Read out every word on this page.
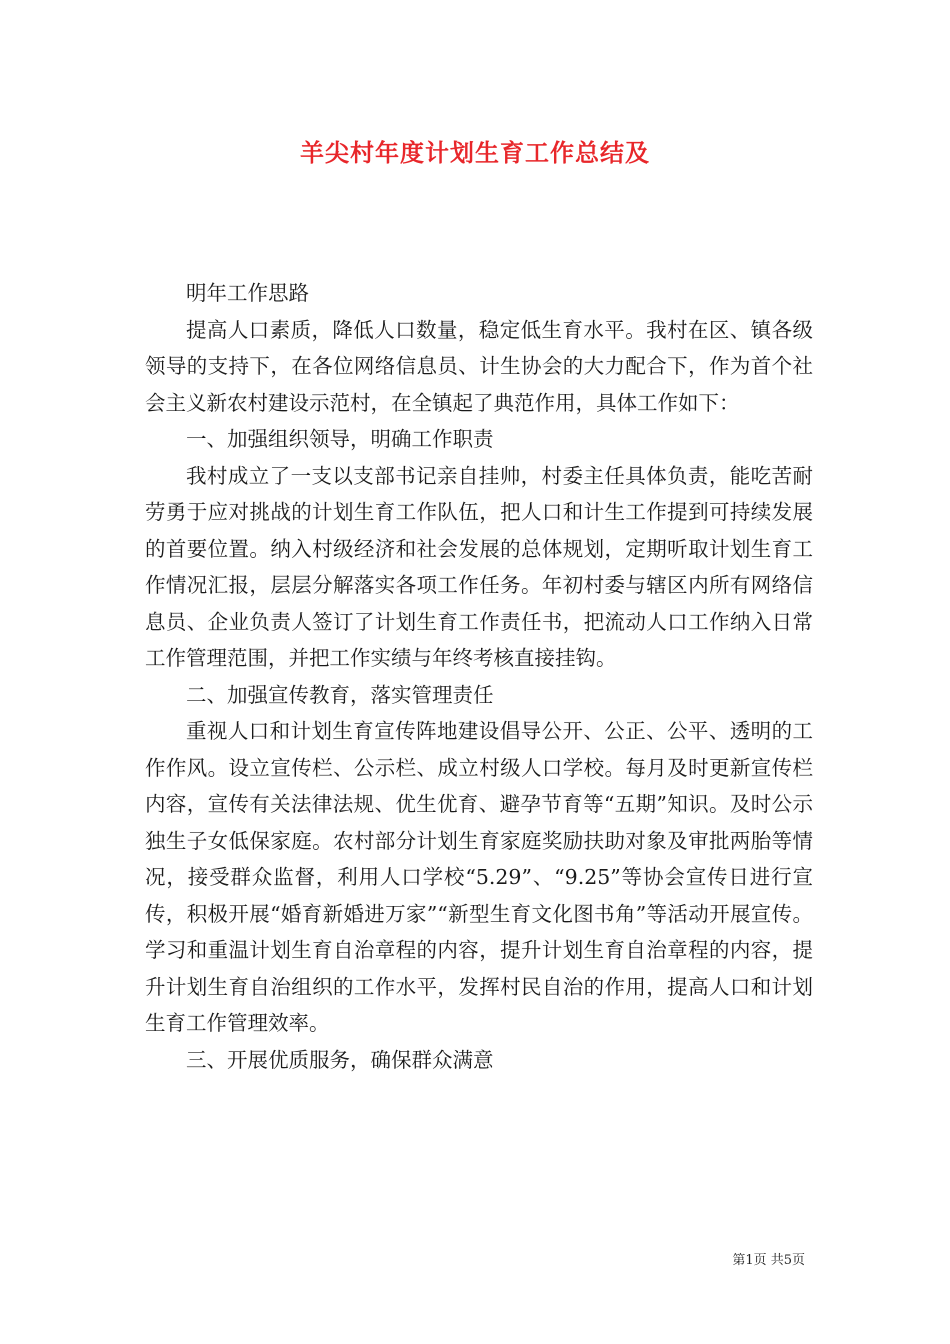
羊尖村年度计划生育工作总结及

明年工作思路

提高人口素质，降低人口数量，稳定低生育水平。我村在区、镇各级领导的支持下，在各位网络信息员、计生协会的大力配合下，作为首个社会主义新农村建设示范村，在全镇起了典范作用，具体工作如下：

一、加强组织领导，明确工作职责

我村成立了一支以支部书记亲自挂帅，村委主任具体负责，能吃苦耐劳勇于应对挑战的计划生育工作队伍，把人口和计生工作提到可持续发展的首要位置。纳入村级经济和社会发展的总体规划，定期听取计划生育工作情况汇报，层层分解落实各项工作任务。年初村委与辖区内所有网络信息员、企业负责人签订了计划生育工作责任书，把流动人口工作纳入日常工作管理范围，并把工作实绩与年终考核直接挂钩。

二、加强宣传教育，落实管理责任

重视人口和计划生育宣传阵地建设倡导公开、公正、公平、透明的工作作风。设立宣传栏、公示栏、成立村级人口学校。每月及时更新宣传栏内容，宣传有关法律法规、优生优育、避孕节育等“五期”知识。及时公示独生子女低保家庭。农村部分计划生育家庭奖励扶助对象及审批两胎等情况，接受群众监督，利用人口学校“5.29”、“9.25”等协会宣传日进行宣传，积极开展“婚育新婚进万家”“新型生育文化图书角”等活动开展宣传。学习和重温计划生育自治章程的内容，提升计划生育自治章程的内容，提升计划生育自治组织的工作水平，发挥村民自治的作用，提高人口和计划生育工作管理效率。

三、开展优质服务，确保群众满意

第1页 共5页
